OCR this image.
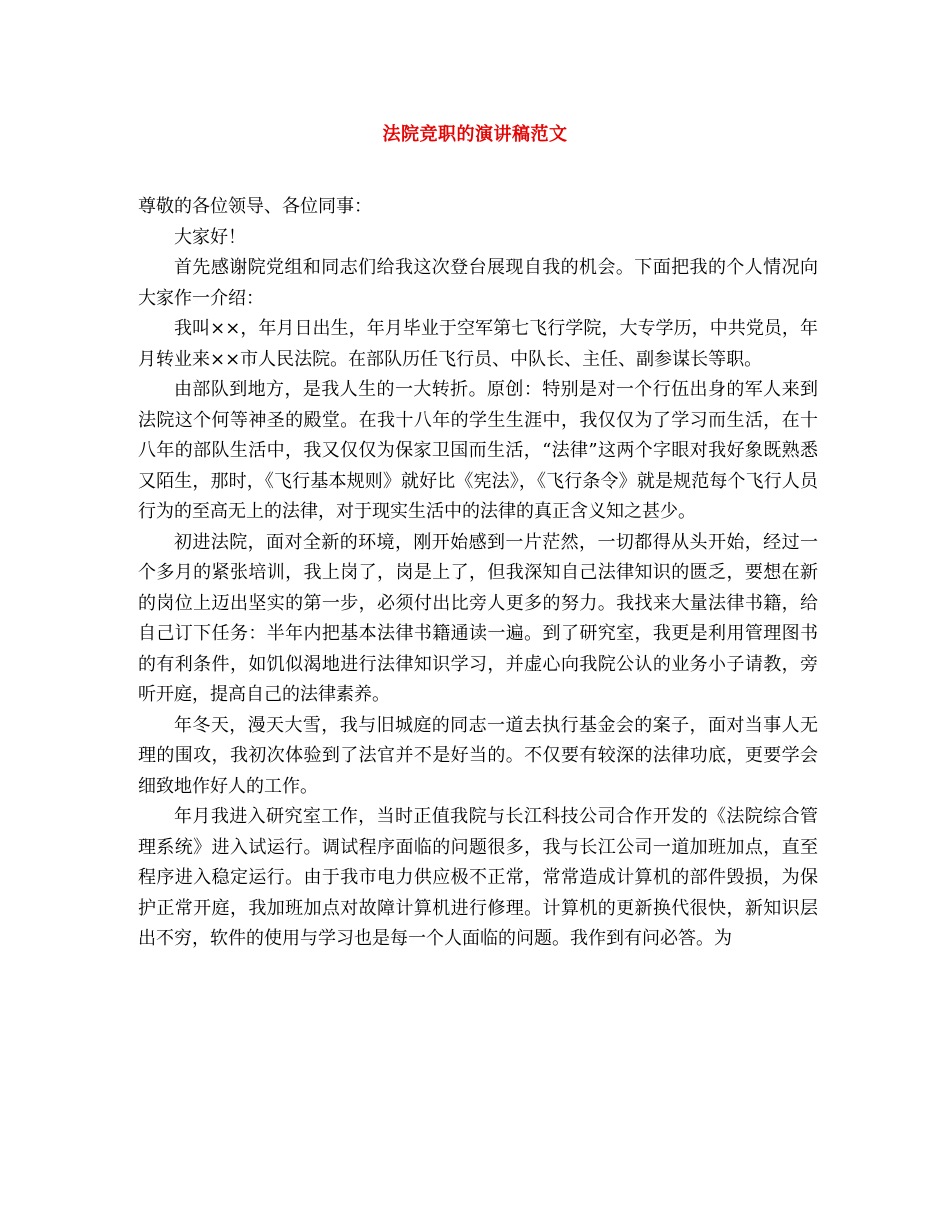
法院竞职的演讲稿范文

尊敬的各位领导、各位同事：

大家好！

首先感谢院党组和同志们给我这次登台展现自我的机会。下面把我的个人情况向大家作一介绍：

我叫××，年月日出生，年月毕业于空军第七飞行学院，大专学历，中共党员，年月转业来××市人民法院。在部队历任飞行员、中队长、主任、副参谋长等职。

由部队到地方，是我人生的一大转折。原创：特别是对一个行伍出身的军人来到法院这个何等神圣的殿堂。在我十八年的学生生涯中，我仅仅为了学习而生活，在十八年的部队生活中，我又仅仅为保家卫国而生活，“法律”这两个字眼对我好象既熟悉又陌生，那时，《飞行基本规则》就好比《宪法》，《飞行条令》就是规范每个飞行人员行为的至高无上的法律，对于现实生活中的法律的真正含义知之甚少。

初进法院，面对全新的环境，刚开始感到一片茫然，一切都得从头开始，经过一个多月的紧张培训，我上岗了，岗是上了，但我深知自己法律知识的匮乏，要想在新的岗位上迈出坚实的第一步，必须付出比旁人更多的努力。我找来大量法律书籍，给自己订下任务：半年内把基本法律书籍通读一遍。到了研究室，我更是利用管理图书的有利条件，如饥似渴地进行法律知识学习，并虚心向我院公认的业务小子请教，旁听开庭，提高自己的法律素养。

年冬天，漫天大雪，我与旧城庭的同志一道去执行基金会的案子，面对当事人无理的围攻，我初次体验到了法官并不是好当的。不仅要有较深的法律功底，更要学会细致地作好人的工作。

年月我进入研究室工作，当时正值我院与长江科技公司合作开发的《法院综合管理系统》进入试运行。调试程序面临的问题很多，我与长江公司一道加班加点，直至程序进入稳定运行。由于我市电力供应极不正常，常常造成计算机的部件毁损，为保护正常开庭，我加班加点对故障计算机进行修理。计算机的更新换代很快，新知识层出不穷，软件的使用与学习也是每一个人面临的问题。我作到有问必答。为
